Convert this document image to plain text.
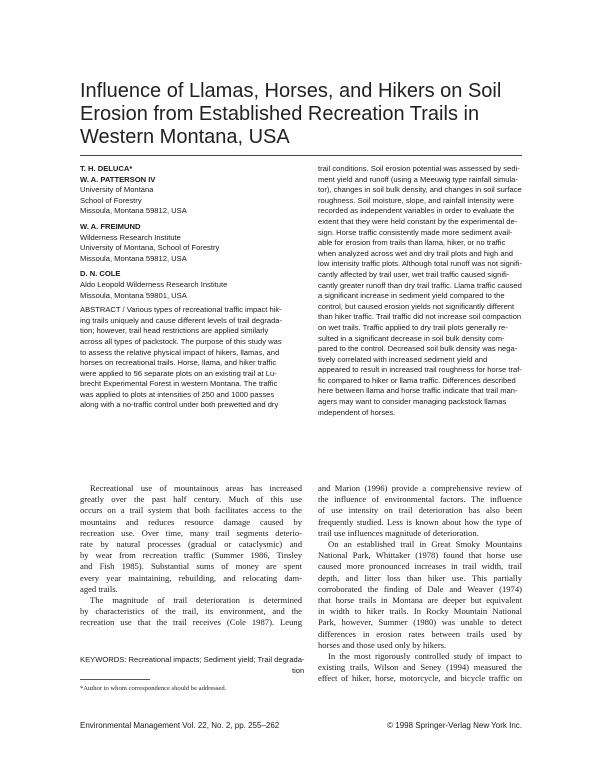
Influence of Llamas, Horses, and Hikers on Soil
Erosion from Established Recreation Trails in
Western Montana, USA
T. H. DELUCA*
W. A. PATTERSON IV
University of Montana
School of Forestry
Missoula, Montana 59812, USA
W. A. FREIMUND
Wilderness Research Institute
University of Montana, School of Forestry
Missoula, Montana 59812, USA
D. N. COLE
Aldo Leopold Wilderness Research Institute
Missoula, Montana 59801, USA
ABSTRACT / Various types of recreational traffic impact hik-
ing trails uniquely and cause different levels of trail degrada-
tion; however, trail head restrictions are applied similarly
across all types of packstock. The purpose of this study was
to assess the relative physical impact of hikers, llamas, and
horses on recreational trails. Horse, llama, and hiker traffic
were applied to 56 separate plots on an existing trail at Lu-
brecht Experimental Forest in western Montana. The traffic
was applied to plots at intensities of 250 and 1000 passes
along with a no-traffic control under both prewetted and dry
trail conditions. Soil erosion potential was assessed by sedi-
ment yield and runoff (using a Meeuwig type rainfall simula-
tor), changes in soil bulk density, and changes in soil surface
roughness. Soil moisture, slope, and rainfall intensity were
recorded as independent variables in order to evaluate the
extent that they were held constant by the experimental de-
sign. Horse traffic consistently made more sediment avail-
able for erosion from trails than llama, hiker, or no traffic
when analyzed across wet and dry trail plots and high and
low intensity traffic plots. Although total runoff was not signifi-
cantly affected by trail user, wet trail traffic caused signifi-
cantly greater runoff than dry trail traffic. Llama traffic caused
a significant increase in sediment yield compared to the
control, but caused erosion yields not significantly different
than hiker traffic. Trail traffic did not increase soil compaction
on wet trails. Traffic applied to dry trail plots generally re-
sulted in a significant decrease in soil bulk density com-
pared to the control. Decreased soil bulk density was nega-
tively correlated with increased sediment yield and
appeared to result in increased trail roughness for horse traf-
fic compared to hiker or llama traffic. Differences described
here between llama and horse traffic indicate that trail man-
agers may want to consider managing packstock llamas
independent of horses.
Recreational use of mountainous areas has increased
greatly over the past half century. Much of this use
occurs on a trail system that both facilitates access to the
mountains and reduces resource damage caused by
recreation use. Over time, many trail segments deterio-
rate by natural processes (gradual or cataclysmic) and
by wear from recreation traffic (Summer 1986, Tinsley
and Fish 1985). Substantial sums of money are spent
every year maintaining, rebuilding, and relocating dam-
aged trails.
The magnitude of trail deterioration is determined
by characteristics of the trail, its environment, and the
recreation use that the trail receives (Cole 1987). Leung
and Marion (1996) provide a comprehensive review of
the influence of environmental factors. The influence
of use intensity on trail deterioration has also been
frequently studied. Less is known about how the type of
trail use influences magnitude of deterioration.
On an established trail in Great Smoky Mountains
National Park, Whittaker (1978) found that horse use
caused more pronounced increases in trail width, trail
depth, and litter loss than hiker use. This partially
corroborated the finding of Dale and Weaver (1974)
that horse trails in Montana are deeper but equivalent
in width to hiker trails. In Rocky Mountain National
Park, however, Summer (1980) was unable to detect
differences in erosion rates between trails used by
horses and those used only by hikers.
In the most rigorously controlled study of impact to
existing trails, Wilson and Seney (1994) measured the
effect of hiker, horse, motorcycle, and bicycle traffic on
KEYWORDS: Recreational impacts; Sediment yield; Trail degrada-
tion
*Author to whom correspondence should be addressed.
Environmental Management Vol. 22, No. 2, pp. 255–262	© 1998 Springer-Verlag New York Inc.
